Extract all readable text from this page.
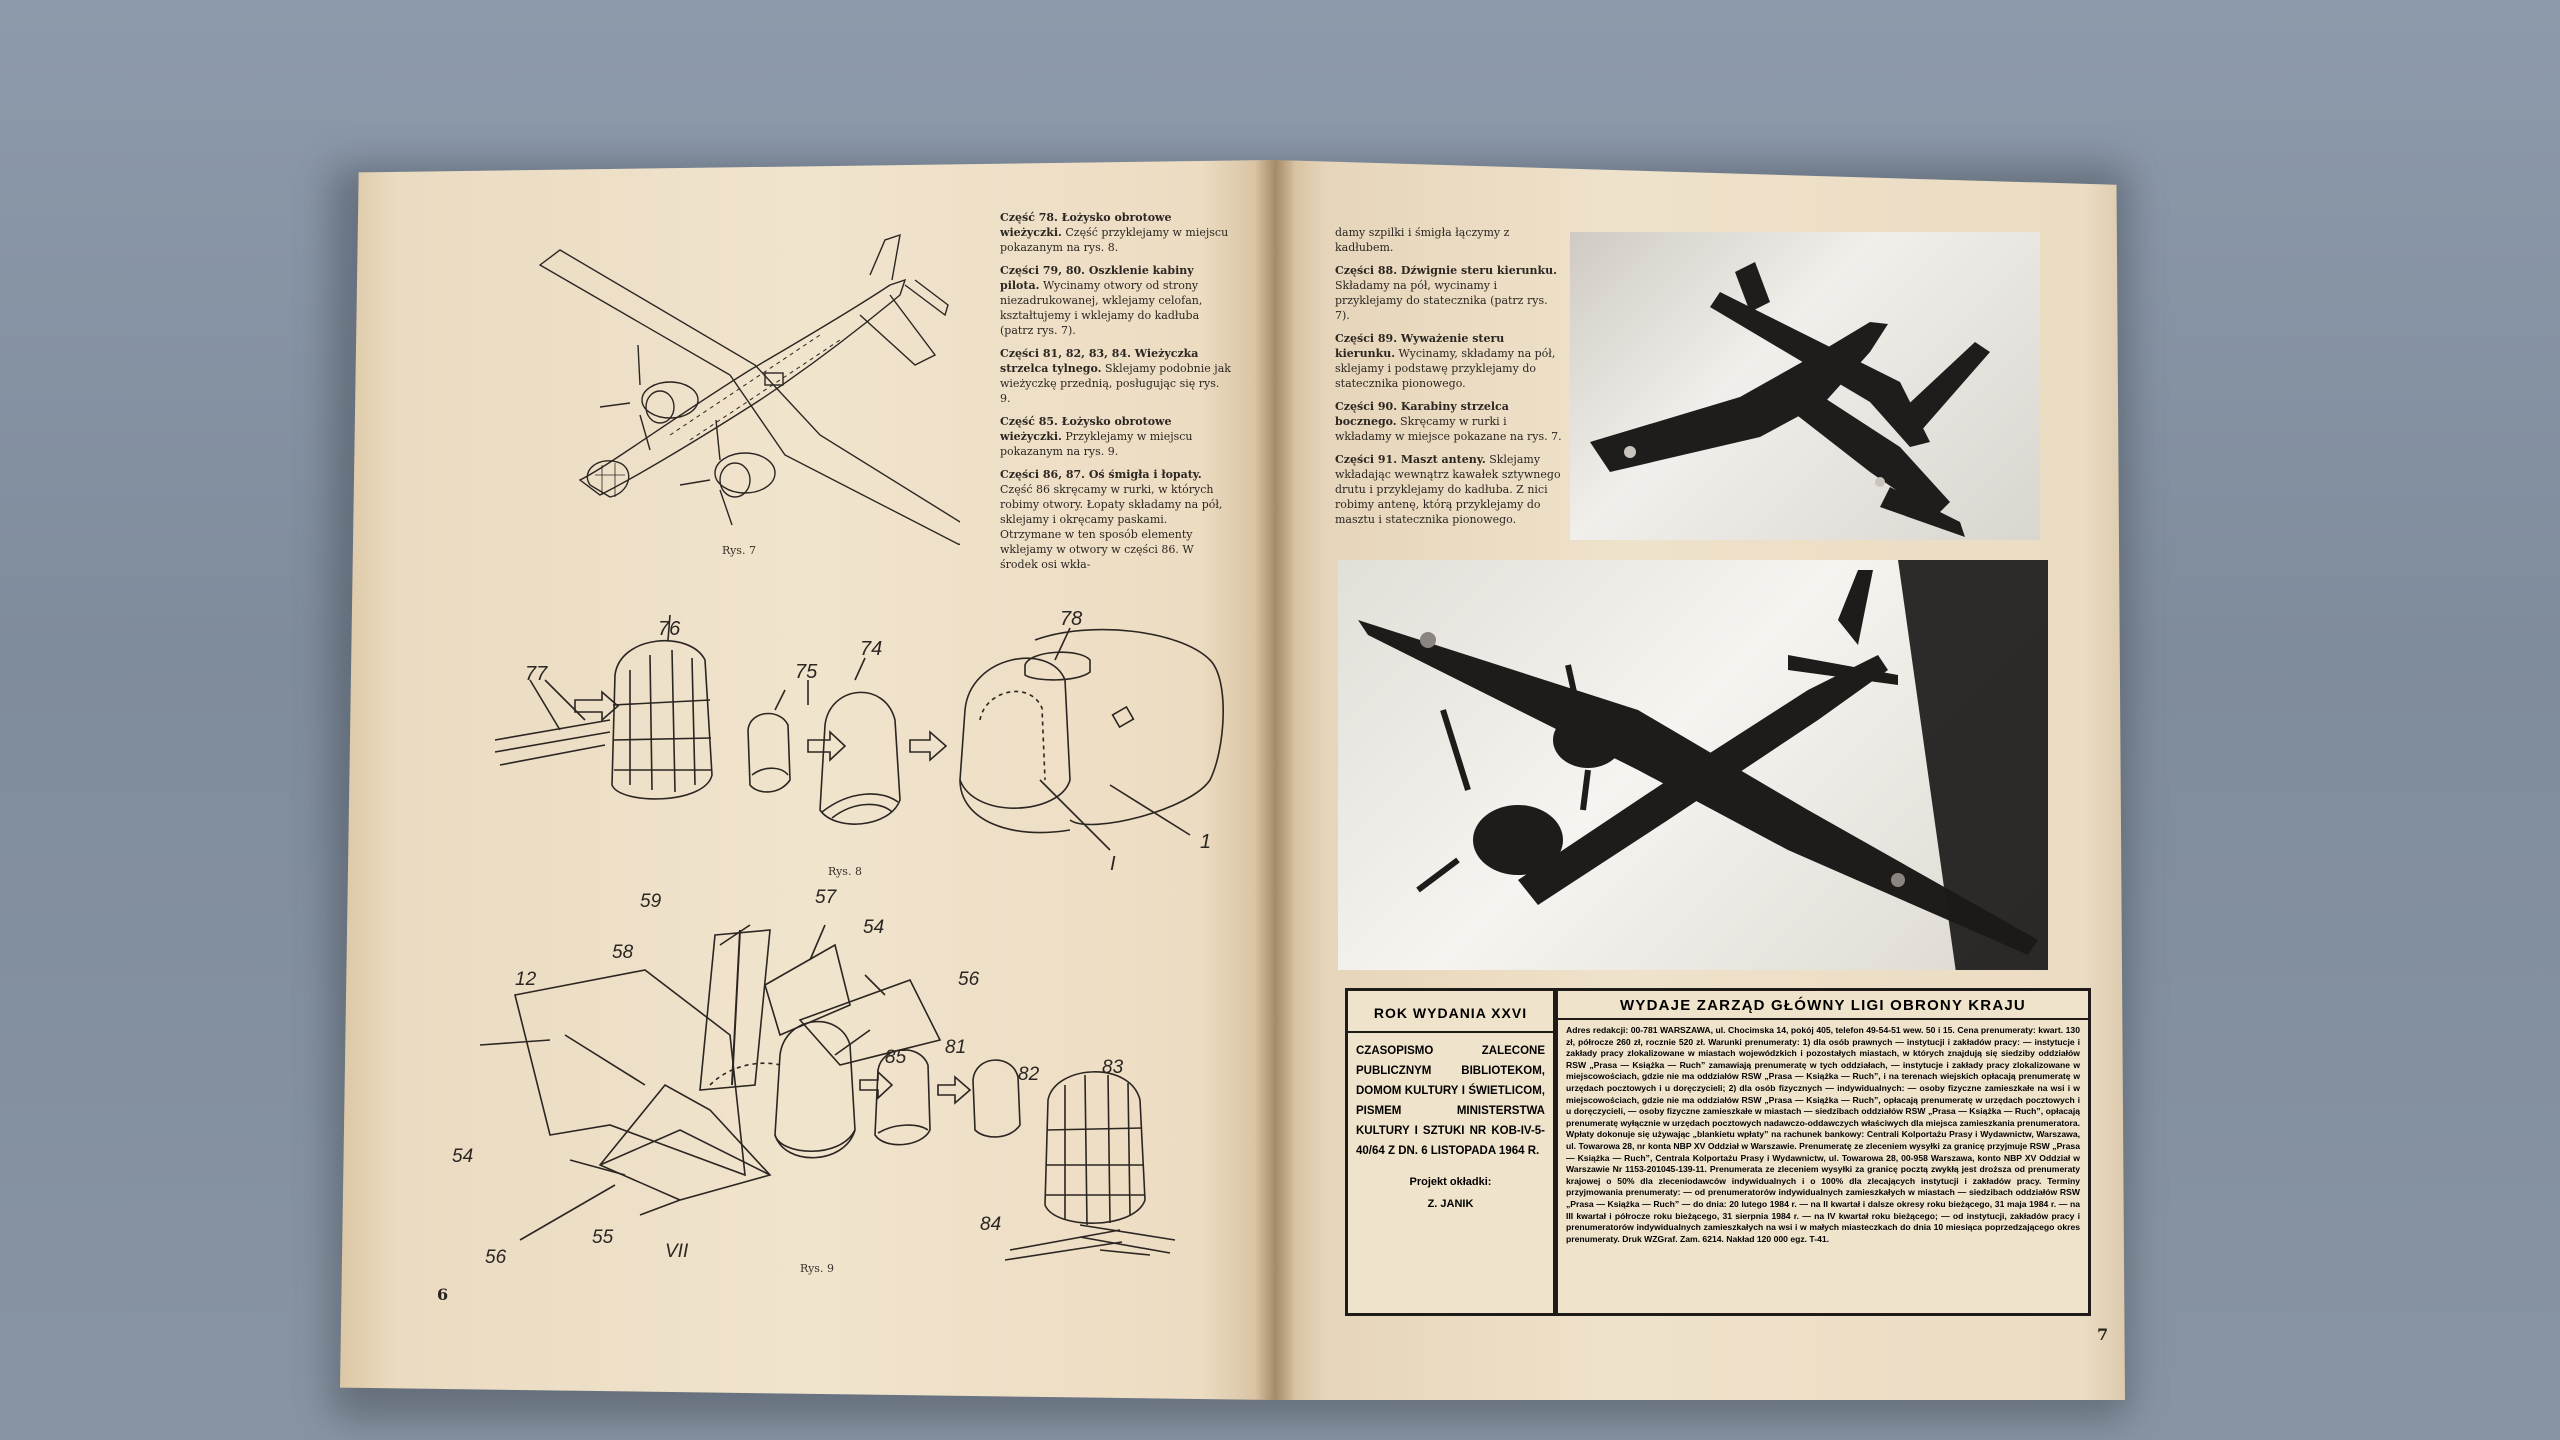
Rys. 7

Część 78. Łożysko obrotowe wieżyczki. Część przyklejamy w miejscu pokazanym na rys. 8.

Części 79, 80. Oszklenie kabiny pilota. Wycinamy otwory od strony niezadrukowanej, wklejamy celofan, kształtujemy i wklejamy do kadłuba (patrz rys. 7).

Części 81, 82, 83, 84. Wieżyczka strzelca tylnego. Sklejamy podobnie jak wieżyczkę przednią, posługując się rys. 9.

Część 85. Łożysko obrotowe wieżyczki. Przyklejamy w miejscu pokazanym na rys. 9.

Części 86, 87. Oś śmigła i łopaty. Część 86 skręcamy w rurki, w których robimy otwory. Łopaty składamy na pół, sklejamy i okręcamy paskami. Otrzymane w ten sposób elementy wklejamy w otwory w części 86. W środek osi wkła-

76
77	75
74
78
1
I
Rys. 8
59	57
54
58
56
12
85 81
82	83
54
56
55
84
VII
Rys. 9
6

damy szpilki i śmigła łączymy z kadłubem.

Części 88. Dźwignie steru kierunku. Składamy na pół, wycinamy i przyklejamy do statecznika (patrz rys. 7).

Części 89. Wyważenie steru kierunku. Wycinamy, składamy na pół, sklejamy i podstawę przyklejamy do statecznika pionowego.

Części 90. Karabiny strzelca bocznego. Skręcamy w rurki i wkładamy w miejsce pokazane na rys. 7.

Części 91. Maszt anteny. Sklejamy wkładając wewnątrz kawałek sztywnego drutu i przyklejamy do kadłuba. Z nici robimy antenę, którą przyklejamy do masztu i statecznika pionowego.

ROK WYDANIA XXVI
CZASOPISMO ZALECONE PUBLICZNYM BIBLIOTEKOM, DOMOM KULTURY I ŚWIETLICOM, PISMEM MINISTERSTWA KULTURY I SZTUKI NR KOB-IV-5-40/64 Z DN. 6 LISTOPADA 1964 R.
Projekt okładki:
Z. JANIK
WYDAJE ZARZĄD GŁÓWNY LIGI OBRONY KRAJU
Adres redakcji: 00-781 WARSZAWA, ul. Chocimska 14, pokój 405, telefon 49-54-51 wew. 50 i 15. Cena prenumeraty: kwart. 130 zł, półrocze 260 zł, rocznie 520 zł. Warunki prenumeraty: 1) dla osób prawnych — instytucji i zakładów pracy: — instytucje i zakłady pracy zlokalizowane w miastach wojewódzkich i pozostałych miastach, w których znajdują się siedziby oddziałów RSW „Prasa — Książka — Ruch” zamawiają prenumeratę w tych oddziałach, — instytucje i zakłady pracy zlokalizowane w miejscowościach, gdzie nie ma oddziałów RSW „Prasa — Książka — Ruch”, i na terenach wiejskich opłacają prenumeratę w urzędach pocztowych i u doręczycieli; 2) dla osób fizycznych — indywidualnych: — osoby fizyczne zamieszkałe na wsi i w miejscowościach, gdzie nie ma oddziałów RSW „Prasa — Książka — Ruch”, opłacają prenumeratę w urzędach pocztowych i u doręczycieli, — osoby fizyczne zamieszkałe w miastach — siedzibach oddziałów RSW „Prasa — Książka — Ruch”, opłacają prenumeratę wyłącznie w urzędach pocztowych nadawczo-oddawczych właściwych dla miejsca zamieszkania prenumeratora. Wpłaty dokonuje się używając „blankietu wpłaty” na rachunek bankowy: Centrali Kolportażu Prasy i Wydawnictw, Warszawa, ul. Towarowa 28, nr konta NBP XV Oddział w Warszawie. Prenumeratę ze zleceniem wysyłki za granicę przyjmuje RSW „Prasa — Książka — Ruch”, Centrala Kolportażu Prasy i Wydawnictw, ul. Towarowa 28, 00-958 Warszawa, konto NBP XV Oddział w Warszawie Nr 1153-201045-139-11. Prenumerata ze zleceniem wysyłki za granicę pocztą zwykłą jest droższa od prenumeraty krajowej o 50% dla zleceniodawców indywidualnych i o 100% dla zlecających instytucji i zakładów pracy. Terminy przyjmowania prenumeraty: — od prenumeratorów indywidualnych zamieszkałych w miastach — siedzibach oddziałów RSW „Prasa — Książka — Ruch” — do dnia: 20 lutego 1984 r. — na II kwartał i dalsze okresy roku bieżącego, 31 maja 1984 r. — na III kwartał i półrocze roku bieżącego, 31 sierpnia 1984 r. — na IV kwartał roku bieżącego; — od instytucji, zakładów pracy i prenumeratorów indywidualnych zamieszkałych na wsi i w małych miasteczkach do dnia 10 miesiąca poprzedzającego okres prenumeraty. Druk WZGraf. Zam. 6214. Nakład 120 000 egz. T-41.
7
